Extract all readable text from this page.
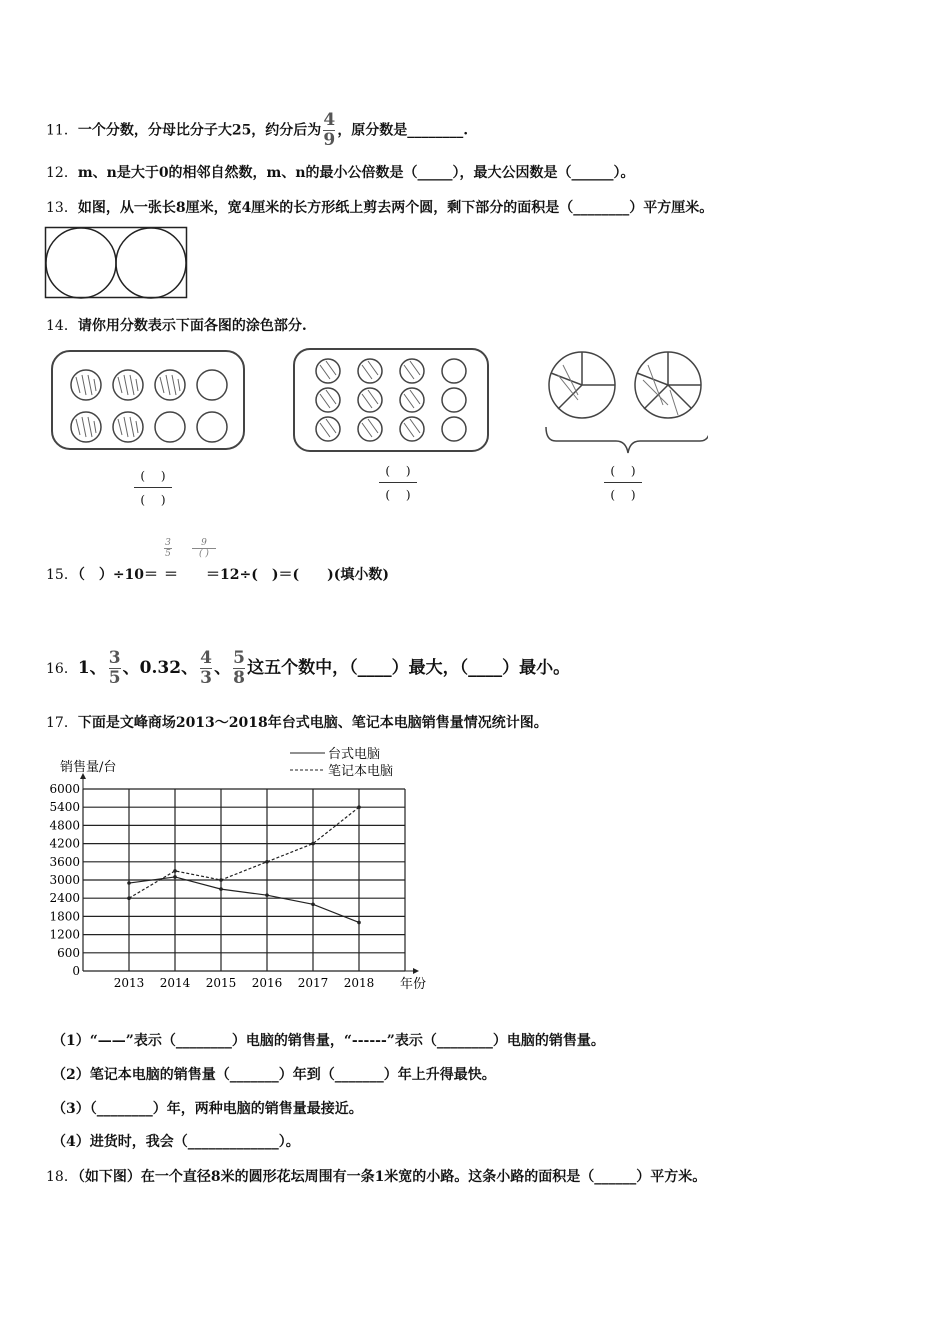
11．一个分数，分母比分子大25，约分后为 $\frac{4}{9}$ ，原分数是________.
12．m、n是大于0的相邻自然数，m、n的最小公倍数是（_____），最大公因数是（______）。
13．如图，从一张长8厘米，宽4厘米的长方形纸上剪去两个圆，剩下部分的面积是（________）平方厘米。
14．请你用分数表示下面各图的涂色部分.
(　 )
(　 )
(　 )
(　 )
(　 )
(　 )
15．（　）÷10＝ ＝ ＝12÷(　)＝(　　)(填小数)
3
5
9
( )
16．1、 $\frac{3}{5}$ 、0.32、 $\frac{4}{3}$ 、 $\frac{5}{8}$ 这五个数中，（____）最大，（____）最小。
17．下面是文峰商场2013～2018年台式电脑、笔记本电脑销售量情况统计图。
0
600
1200
1800
2400
3000
3600
4200
4800
5400
6000
2013 2014 2015 2016 2017 2018
销售量/台
年份
台式电脑
笔记本电脑
（1）“——”表示（________）电脑的销售量，“------”表示（________）电脑的销售量。
（2）笔记本电脑的销售量（_______）年到（_______）年上升得最快。
（3）（________）年，两种电脑的销售量最接近。
（4）进货时，我会（_____________）。
18．（如下图）在一个直径8米的圆形花坛周围有一条1米宽的小路。这条小路的面积是（______）平方米。
